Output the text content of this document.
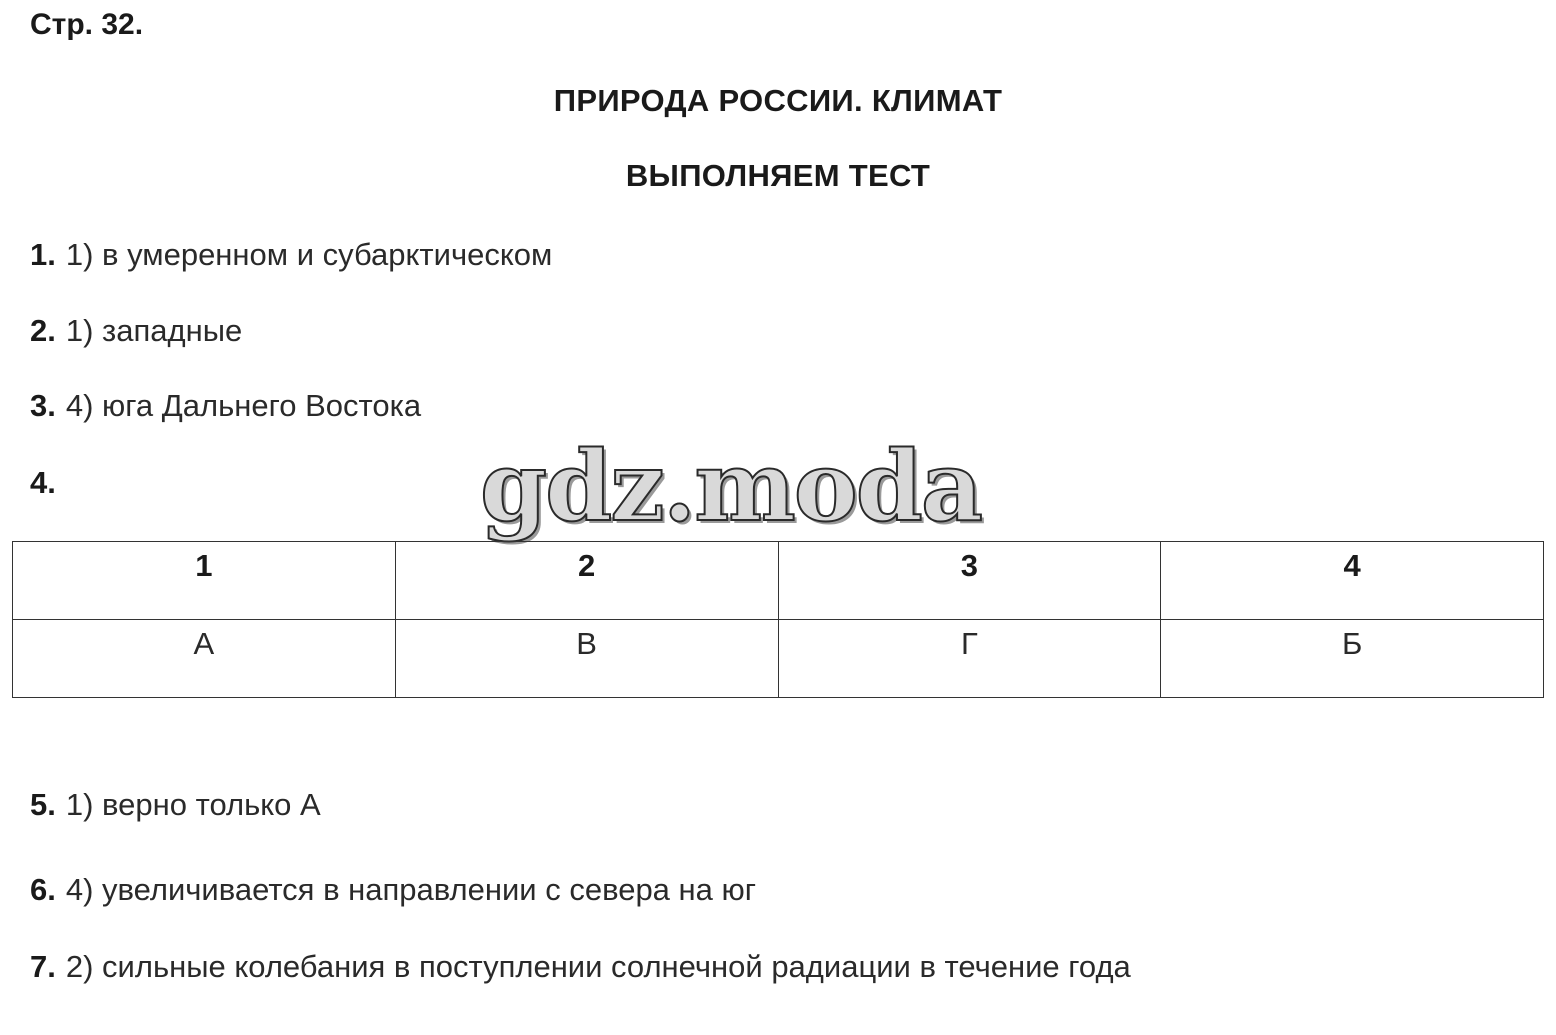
Стр. 32.
ПРИРОДА РОССИИ. КЛИМАТ
ВЫПОЛНЯЕМ ТЕСТ
1. 1) в умеренном и субарктическом
2. 1) западные
3. 4) юга Дальнего Востока
4.	gdz.moda
1	2	3	4
А	В	Г	Б
5. 1) верно только А
6. 4) увеличивается в направлении с севера на юг
7. 2) сильные колебания в поступлении солнечной радиации в течение года
